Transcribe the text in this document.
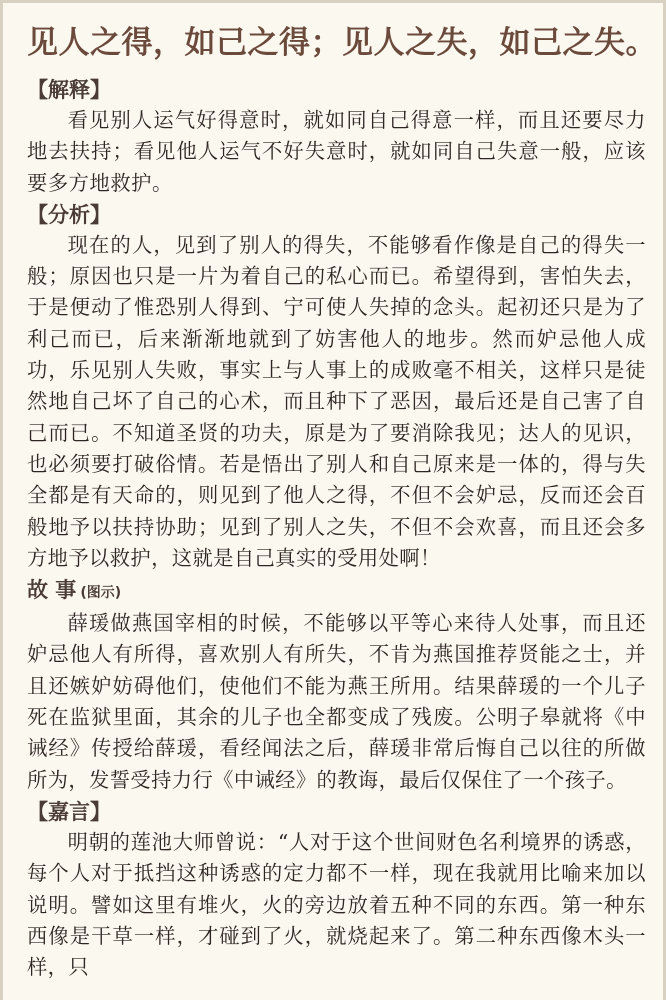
见人之得，如己之得；见人之失，如己之失。
【解释】

看见别人运气好得意时，就如同自己得意一样，而且还要尽力地去扶持；看见他人运气不好失意时，就如同自己失意一般，应该要多方地救护。

【分析】

现在的人，见到了别人的得失，不能够看作像是自己的得失一般；原因也只是一片为着自己的私心而已。希望得到，害怕失去，于是便动了惟恐别人得到、宁可使人失掉的念头。起初还只是为了利己而已，后来渐渐地就到了妨害他人的地步。然而妒忌他人成功，乐见别人失败，事实上与人事上的成败毫不相关，这样只是徒然地自己坏了自己的心术，而且种下了恶因，最后还是自己害了自己而已。不知道圣贤的功夫，原是为了要消除我见；达人的见识，也必须要打破俗情。若是悟出了别人和自己原来是一体的，得与失全都是有天命的，则见到了他人之得，不但不会妒忌，反而还会百般地予以扶持协助；见到了别人之失，不但不会欢喜，而且还会多方地予以救护，这就是自己真实的受用处啊！

故 事 (图示)

薛瑗做燕国宰相的时候，不能够以平等心来待人处事，而且还妒忌他人有所得，喜欢别人有所失，不肯为燕国推荐贤能之士，并且还嫉妒妨碍他们，使他们不能为燕王所用。结果薛瑗的一个儿子死在监狱里面，其余的儿子也全都变成了残废。公明子皋就将《中诫经》传授给薛瑗，看经闻法之后，薛瑗非常后悔自己以往的所做所为，发誓受持力行《中诫经》的教诲，最后仅保住了一个孩子。

【嘉言】

明朝的莲池大师曾说：“人对于这个世间财色名利境界的诱惑，每个人对于抵挡这种诱惑的定力都不一样，现在我就用比喻来加以说明。譬如这里有堆火，火的旁边放着五种不同的东西。第一种东西像是干草一样，才碰到了火，就烧起来了。第二种东西像木头一样，只
